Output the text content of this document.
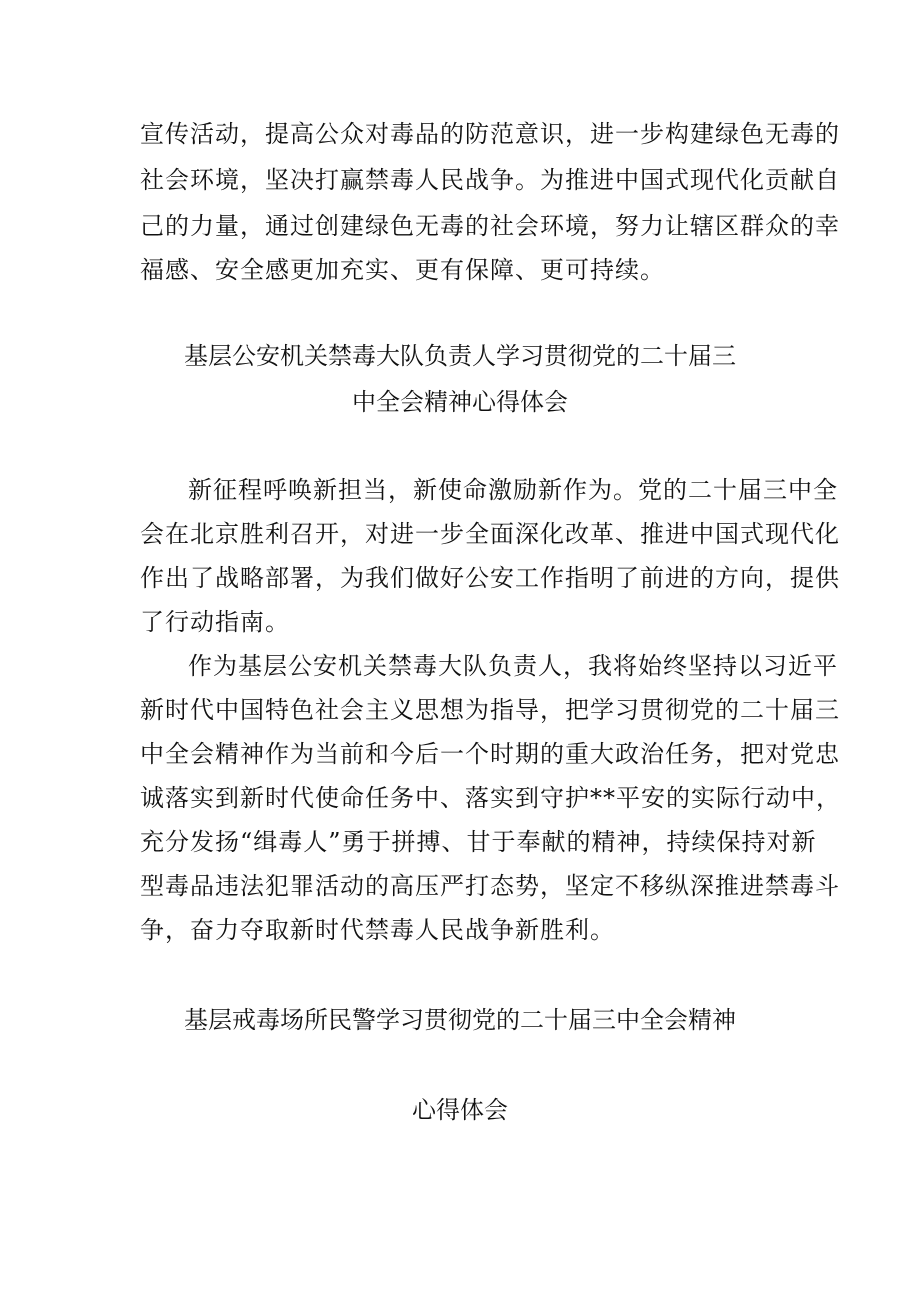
宣传活动，提高公众对毒品的防范意识，进一步构建绿色无毒的
社会环境，坚决打赢禁毒人民战争。为推进中国式现代化贡献自
己的力量，通过创建绿色无毒的社会环境，努力让辖区群众的幸
福感、安全感更加充实、更有保障、更可持续。
基层公安机关禁毒大队负责人学习贯彻党的二十届三
中全会精神心得体会
新征程呼唤新担当，新使命激励新作为。党的二十届三中全
会在北京胜利召开，对进一步全面深化改革、推进中国式现代化
作出了战略部署，为我们做好公安工作指明了前进的方向，提供
了行动指南。
作为基层公安机关禁毒大队负责人，我将始终坚持以习近平
新时代中国特色社会主义思想为指导，把学习贯彻党的二十届三
中全会精神作为当前和今后一个时期的重大政治任务，把对党忠
诚落实到新时代使命任务中、落实到守护**平安的实际行动中，
充分发扬“缉毒人”勇于拼搏、甘于奉献的精神，持续保持对新
型毒品违法犯罪活动的高压严打态势，坚定不移纵深推进禁毒斗
争，奋力夺取新时代禁毒人民战争新胜利。
基层戒毒场所民警学习贯彻党的二十届三中全会精神
心得体会
